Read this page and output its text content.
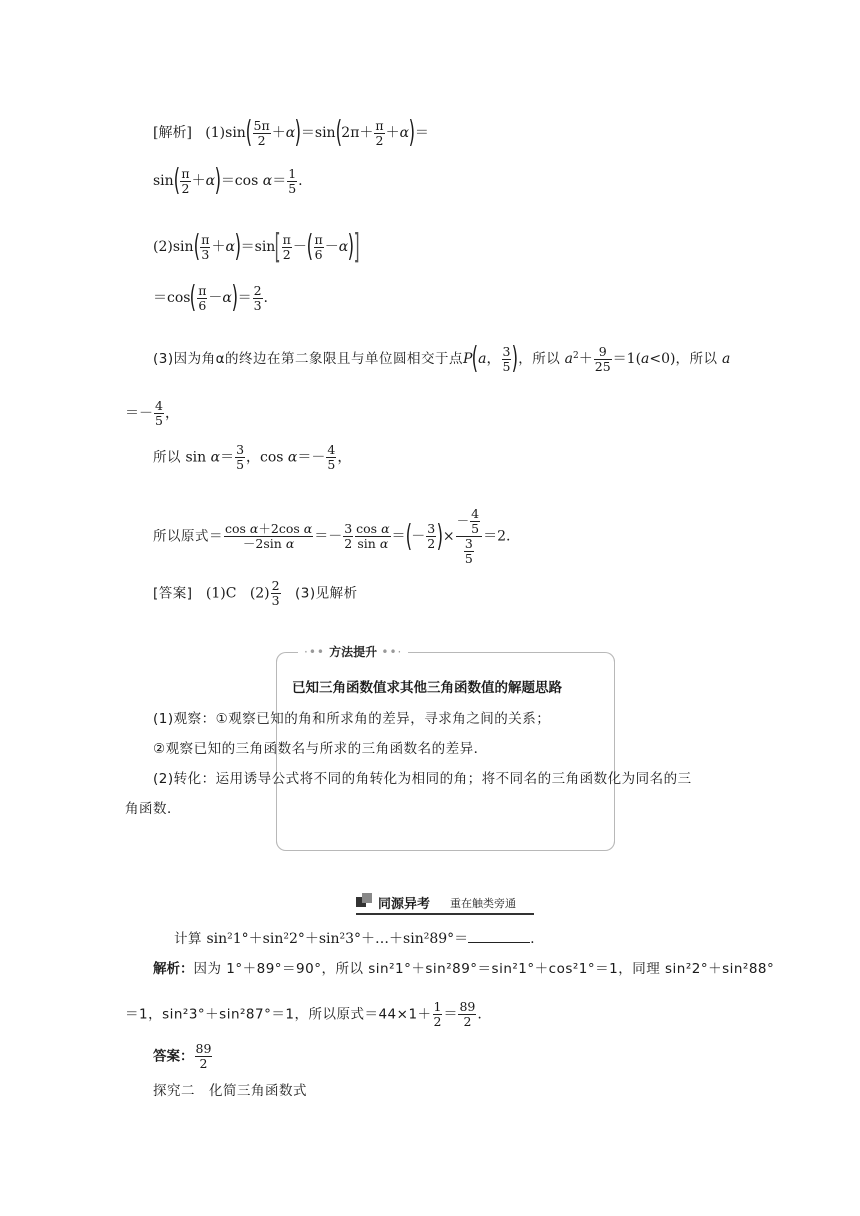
[解析] $(1)\sin( \frac{5\pi}{2} +\alpha)=\sin(2\pi+ \frac{\pi}{2} +\alpha)=$
$\sin( \frac{\pi}{2} +\alpha)=\cos$ $\alpha= \frac{1}{5}$ .
$(2)\sin( \frac{\pi}{3} +\alpha)=\sin[ \frac{\pi}{2}$ －( $\frac{\pi}{6} -\alpha$)]
$=\cos( \frac{\pi}{6} -\alpha)= \frac{2}{3}$ .
(3)因为角α的终边在第二象限且与单位圆相交于点P(a， $\frac{3}{5}$ )，所以 $a^2+ \frac{9}{25} =1(a<0)$，所以 a
＝－ $\frac{4}{5}$ ，
所以 $\sin \alpha= \frac{3}{5}$ ，$\cos \alpha=- \frac{4}{5}$ ，
所以原式＝ $\frac{\text{cos α＋2cos α}}{\text{－2sin α}} =- \frac{3}{2} \frac{\text{cos α}}{\text{sin α}}$ ＝(－ $\frac{3}{2}$ )× $\frac{- \frac{4}{5}}{\frac{3}{5}} =2$.
[答案] (1)C $(2) \frac{2}{3} (3)$见解析
·•• 方法提升 ••·
已知三角函数值求其他三角函数值的解题思路
(1)观察：①观察已知的角和所求角的差异，寻求角之间的关系；
②观察已知的三角函数名与所求的三角函数名的差异．
(2)转化：运用诱导公式将不同的角转化为相同的角；将不同名的三角函数化为同名的三
角函数．
同源异考 重在触类旁通
计算 sin²1°＋sin²2°＋sin²3°＋…＋sin²89°＝	.
解析：因为 1°＋89°＝90°，所以 sin²1°＋sin²89°＝sin²1°＋cos²1°＝1，同理 sin²2°＋sin²88°
＝1，sin²3°＋sin²87°＝1，所以原式$=44\times 1+ \frac{1}{2} = \frac{89}{2}$ .
答案： $\frac{89}{2}$
探究二　化简三角函数式
